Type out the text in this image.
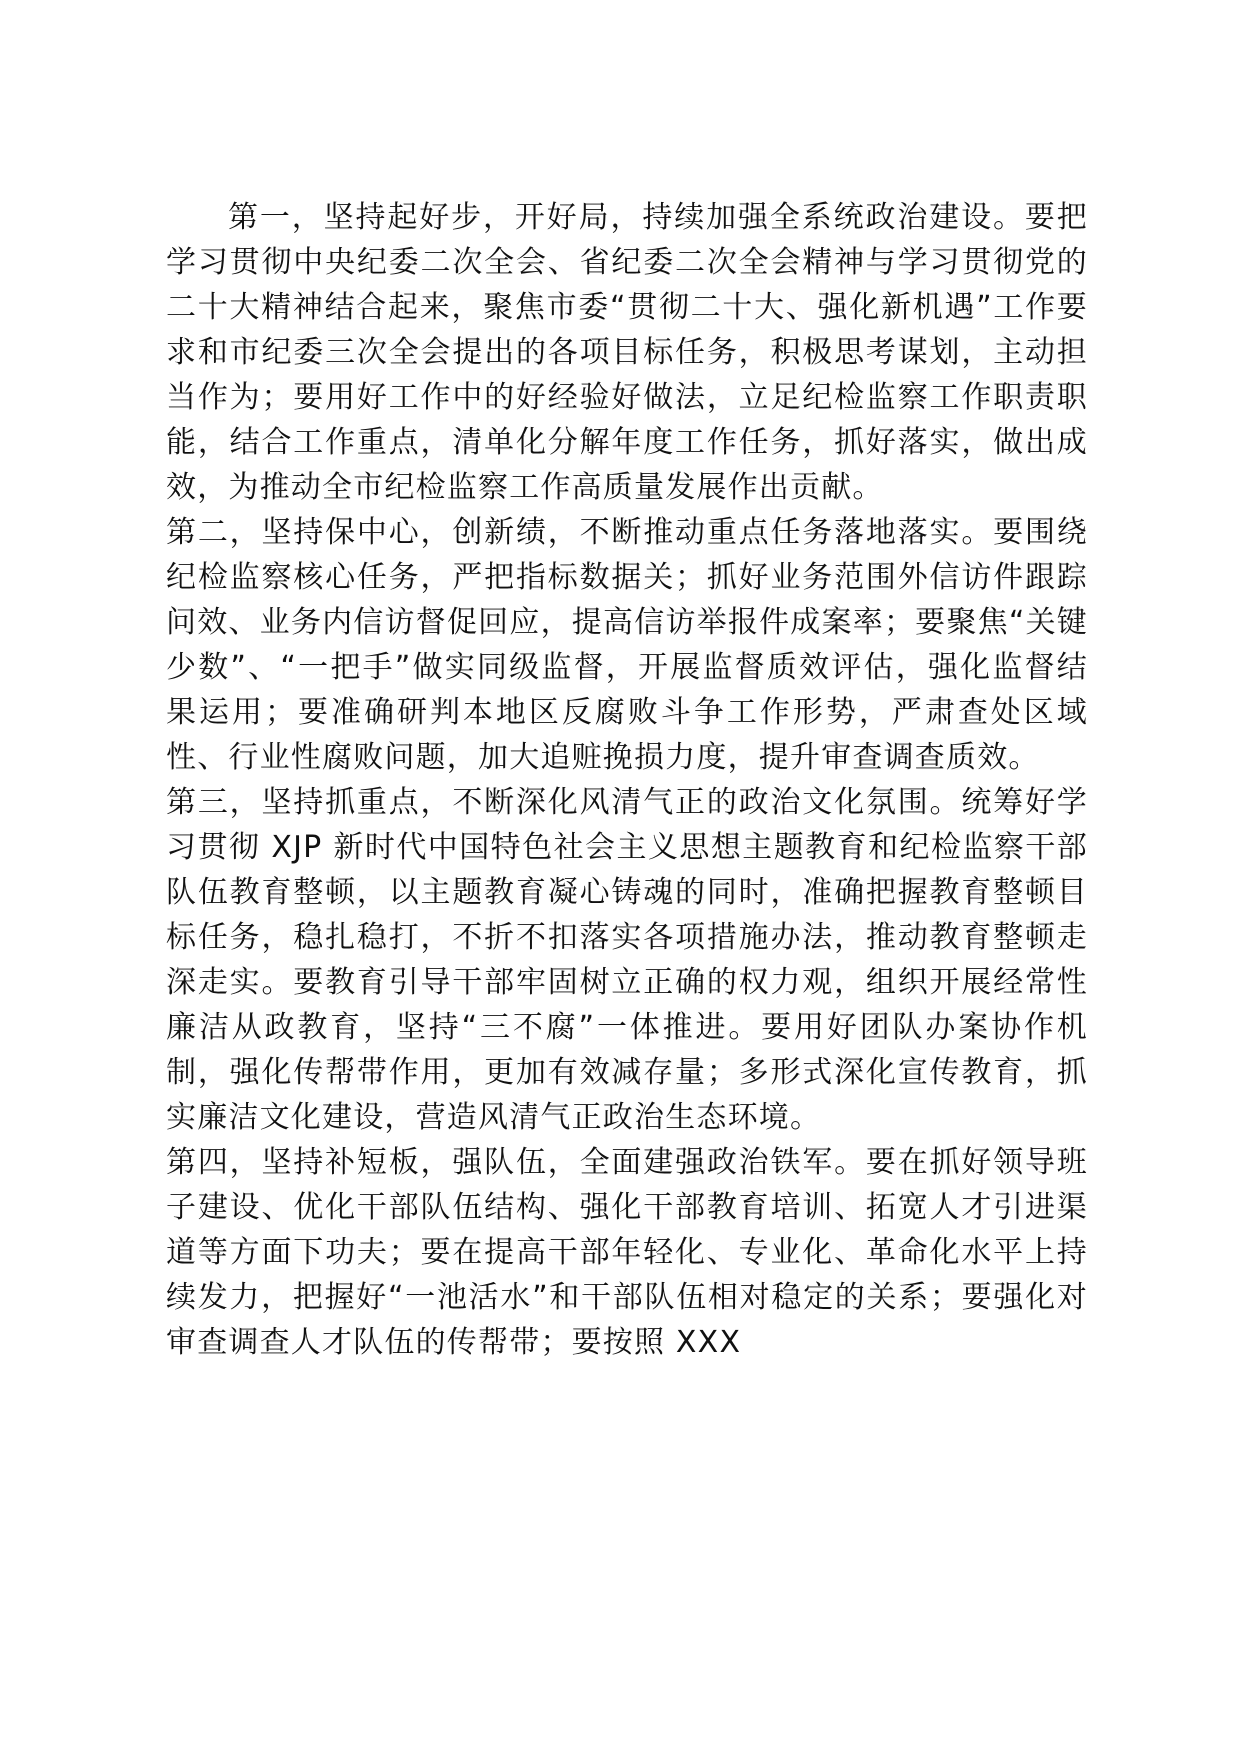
第一，坚持起好步，开好局，持续加强全系统政治建设。要把学习贯彻中央纪委二次全会、省纪委二次全会精神与学习贯彻党的二十大精神结合起来，聚焦市委“贯彻二十大、强化新机遇”工作要求和市纪委三次全会提出的各项目标任务，积极思考谋划，主动担当作为；要用好工作中的好经验好做法，立足纪检监察工作职责职能，结合工作重点，清单化分解年度工作任务，抓好落实，做出成效，为推动全市纪检监察工作高质量发展作出贡献。

第二，坚持保中心，创新绩，不断推动重点任务落地落实。要围绕纪检监察核心任务，严把指标数据关；抓好业务范围外信访件跟踪问效、业务内信访督促回应，提高信访举报件成案率；要聚焦“关键少数”、“一把手”做实同级监督，开展监督质效评估，强化监督结果运用；要准确研判本地区反腐败斗争工作形势，严肃查处区域性、行业性腐败问题，加大追赃挽损力度，提升审查调查质效。

第三，坚持抓重点，不断深化风清气正的政治文化氛围。统筹好学习贯彻 XJP 新时代中国特色社会主义思想主题教育和纪检监察干部队伍教育整顿，以主题教育凝心铸魂的同时，准确把握教育整顿目标任务，稳扎稳打，不折不扣落实各项措施办法，推动教育整顿走深走实。要教育引导干部牢固树立正确的权力观，组织开展经常性廉洁从政教育，坚持“三不腐”一体推进。要用好团队办案协作机制，强化传帮带作用，更加有效减存量；多形式深化宣传教育，抓实廉洁文化建设，营造风清气正政治生态环境。

第四，坚持补短板，强队伍，全面建强政治铁军。要在抓好领导班子建设、优化干部队伍结构、强化干部教育培训、拓宽人才引进渠道等方面下功夫；要在提高干部年轻化、专业化、革命化水平上持续发力，把握好“一池活水”和干部队伍相对稳定的关系；要强化对审查调查人才队伍的传帮带；要按照 XXX
